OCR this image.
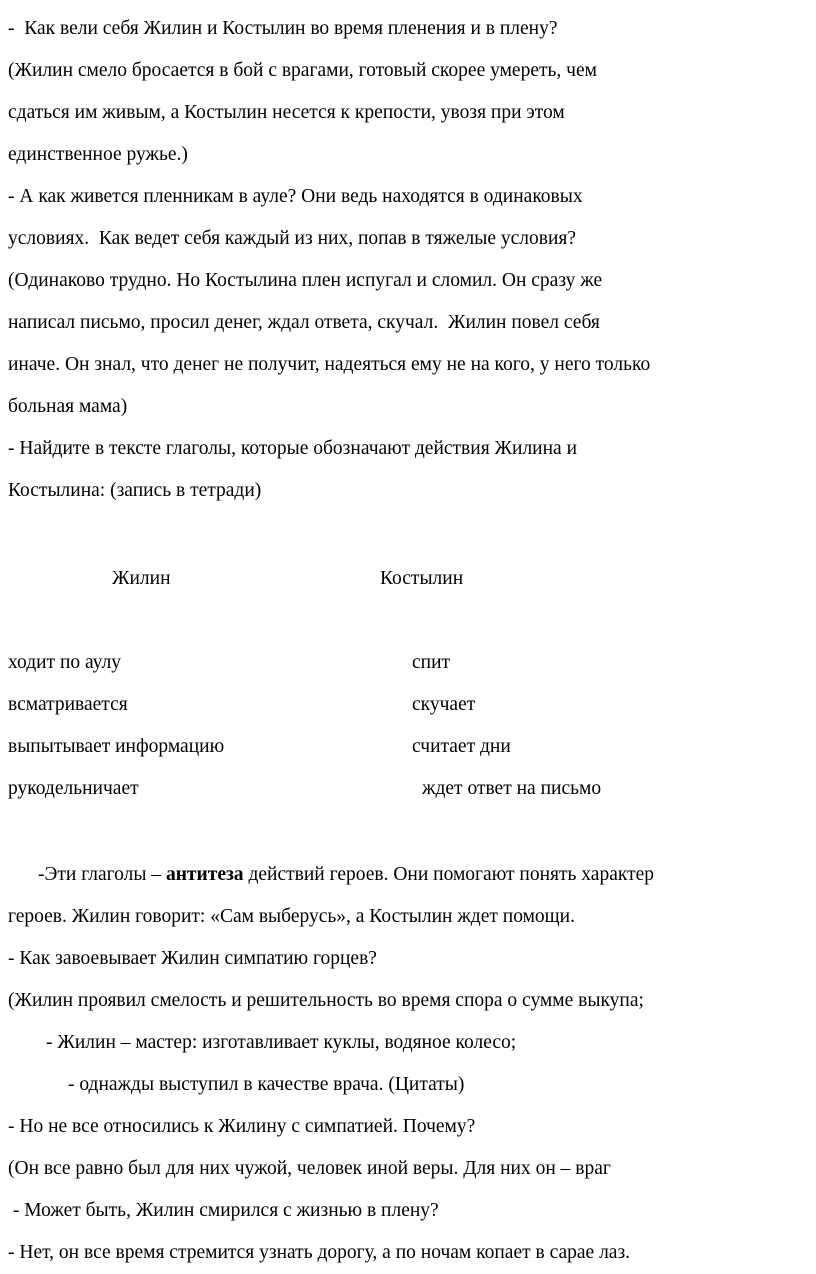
-  Как вели себя Жилин и Костылин во время пленения и в плену?
(Жилин смело бросается в бой с врагами, готовый скорее умереть, чем
сдаться им живым, а Костылин несется к крепости, увозя при этом
единственное ружье.)
- А как живется пленникам в ауле? Они ведь находятся в одинаковых
условиях.  Как ведет себя каждый из них, попав в тяжелые условия?
(Одинаково трудно. Но Костылина плен испугал и сломил. Он сразу же
написал письмо, просил денег, ждал ответа, скучал.  Жилин повел себя
иначе. Он знал, что денег не получит, надеяться ему не на кого, у него только
больная мама)
- Найдите в тексте глаголы, которые обозначают действия Жилина и
Костылина: (запись в тетради)
Жилин	Костылин
ходит по аулу	спит
всматривается	скучает
выпытывает информацию	считает дни
рукодельничает	ждет ответ на письмо
-Эти глаголы – антитеза действий героев. Они помогают понять характер
героев. Жилин говорит: «Сам выберусь», а Костылин ждет помощи.
- Как завоевывает Жилин симпатию горцев?
(Жилин проявил смелость и решительность во время спора о сумме выкупа;
- Жилин – мастер: изготавливает куклы, водяное колесо;
- однажды выступил в качестве врача. (Цитаты)
- Но не все относились к Жилину с симпатией. Почему?
(Он все равно был для них чужой, человек иной веры. Для них он – враг
- Может быть, Жилин смирился с жизнью в плену?
- Нет, он все время стремится узнать дорогу, а по ночам копает в сарае лаз.
